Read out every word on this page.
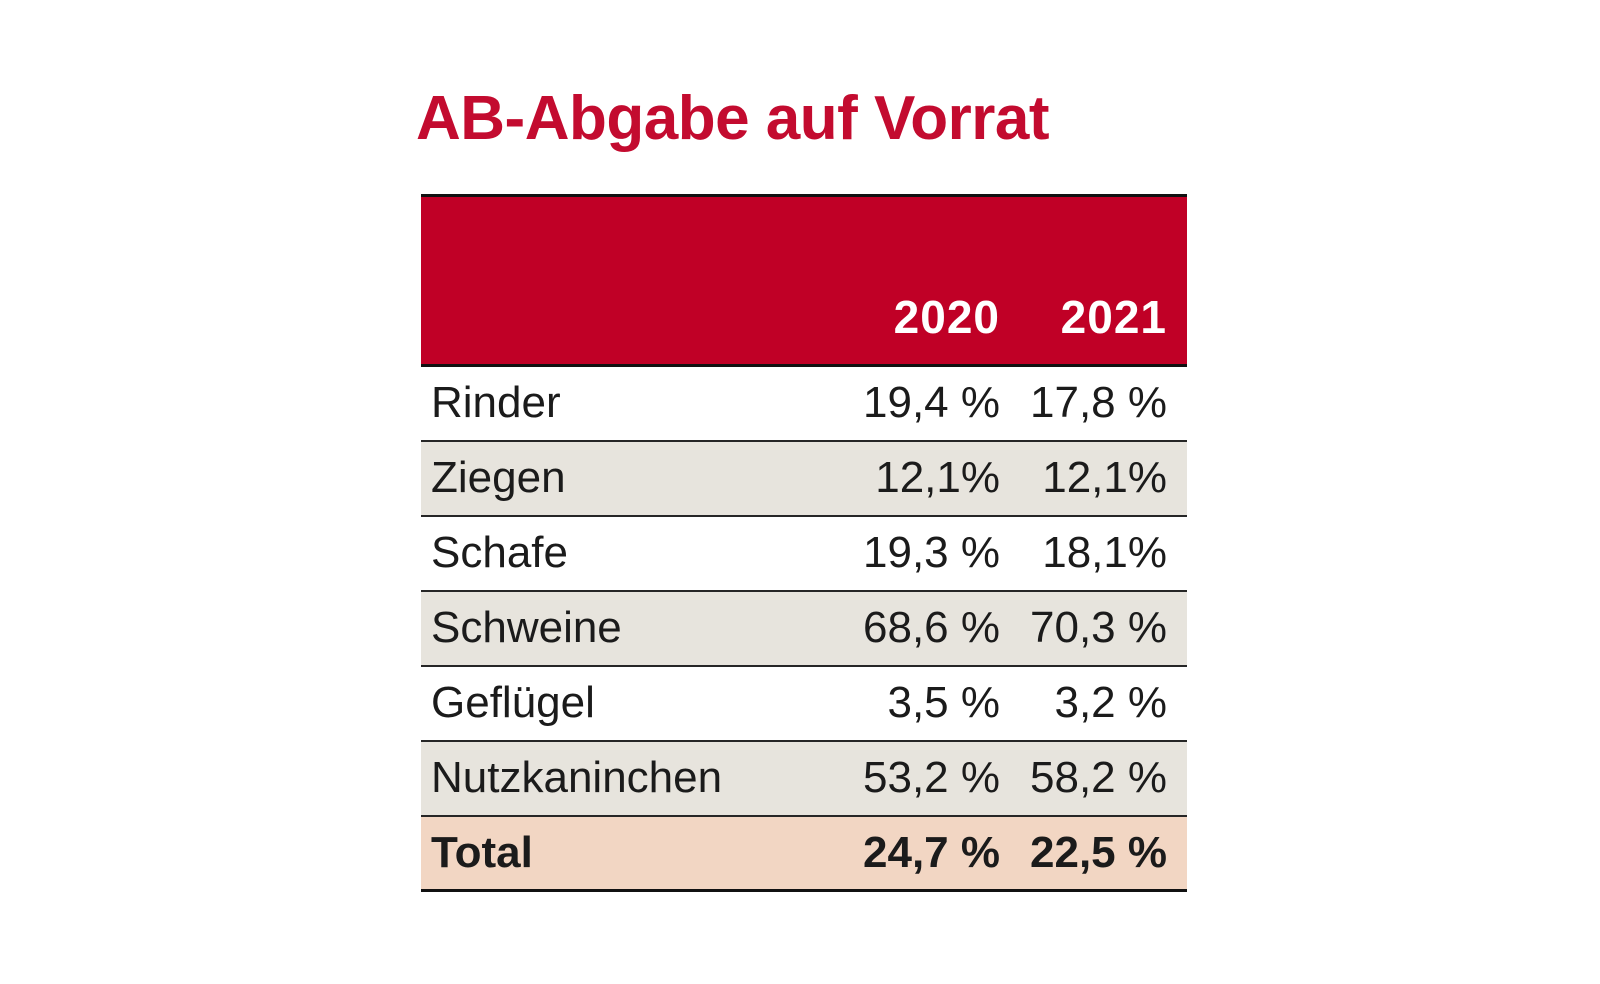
AB-Abgabe auf Vorrat
	2020	2021
Rinder	19,4 %	17,8 %
Ziegen	12,1%	12,1%
Schafe	19,3 %	18,1%
Schweine	68,6 %	70,3 %
Geflügel	3,5 %	3,2 %
Nutzkaninchen	53,2 %	58,2 %
Total	24,7 %	22,5 %
